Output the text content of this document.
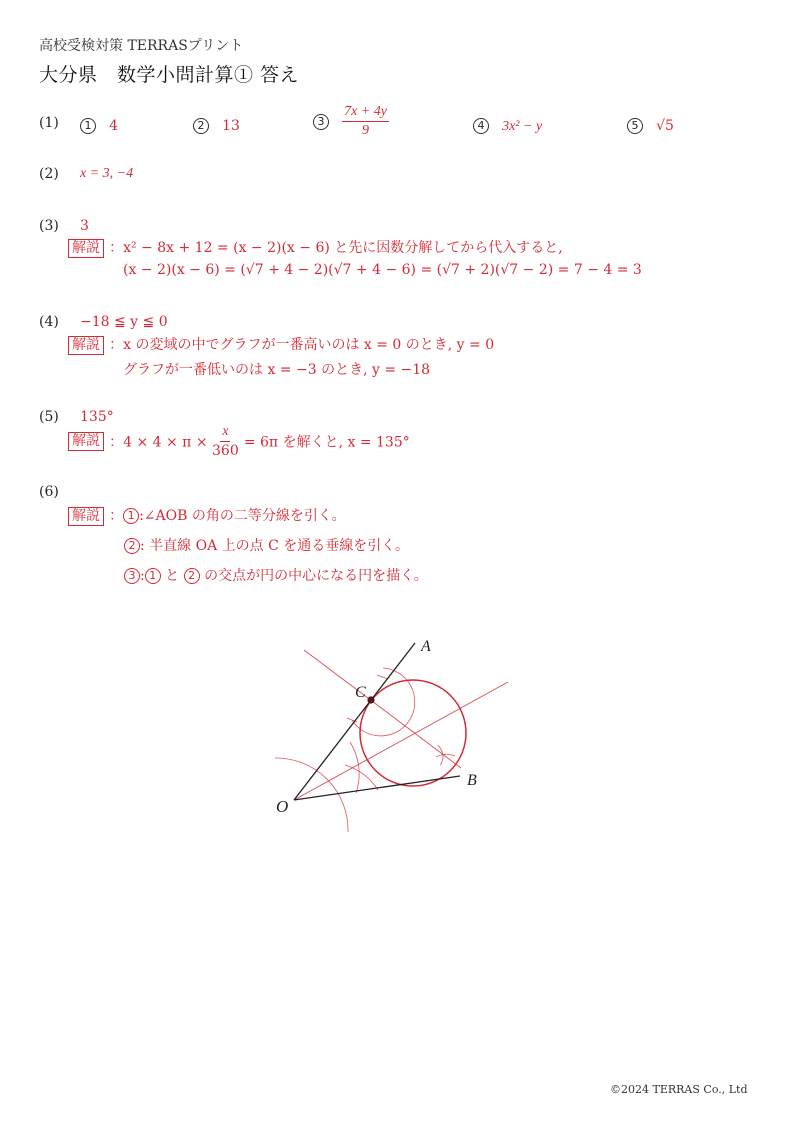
高校受検対策 TERRASプリント
大分県　数学小問計算① 答え
(1)	1 4	2 13	$3 \frac{7x + 4y}{9}$	4 3x² − y	5 √5
(2) x = 3, −4
(3) 3
解説 ：x² − 8x + 12 = (x − 2)(x − 6) と先に因数分解してから代入すると,
(x − 2)(x − 6) = (√7 + 4 − 2)(√7 + 4 − 6) = (√7 + 2)(√7 − 2) = 7 − 4 = 3
(4) −18 ≦ y ≦ 0
解説 ：x の変域の中でグラフが一番高いのは x = 0 のとき, y = 0
グラフが一番低いのは x = −3 のとき, y = −18
(5) 135°
解説 ：$4 \times 4 \times \pi \times \frac{x}{360} = 6\pi$ を解くと, x = 135°
(6)
解説 ： 1 :∠AOB の角の二等分線を引く。
2 : 半直線 OA 上の点 C を通る垂線を引く。
3 : 1 と 2 の交点が円の中心になる円を描く。
A
B
C
O
©2024 TERRAS Co., Ltd
